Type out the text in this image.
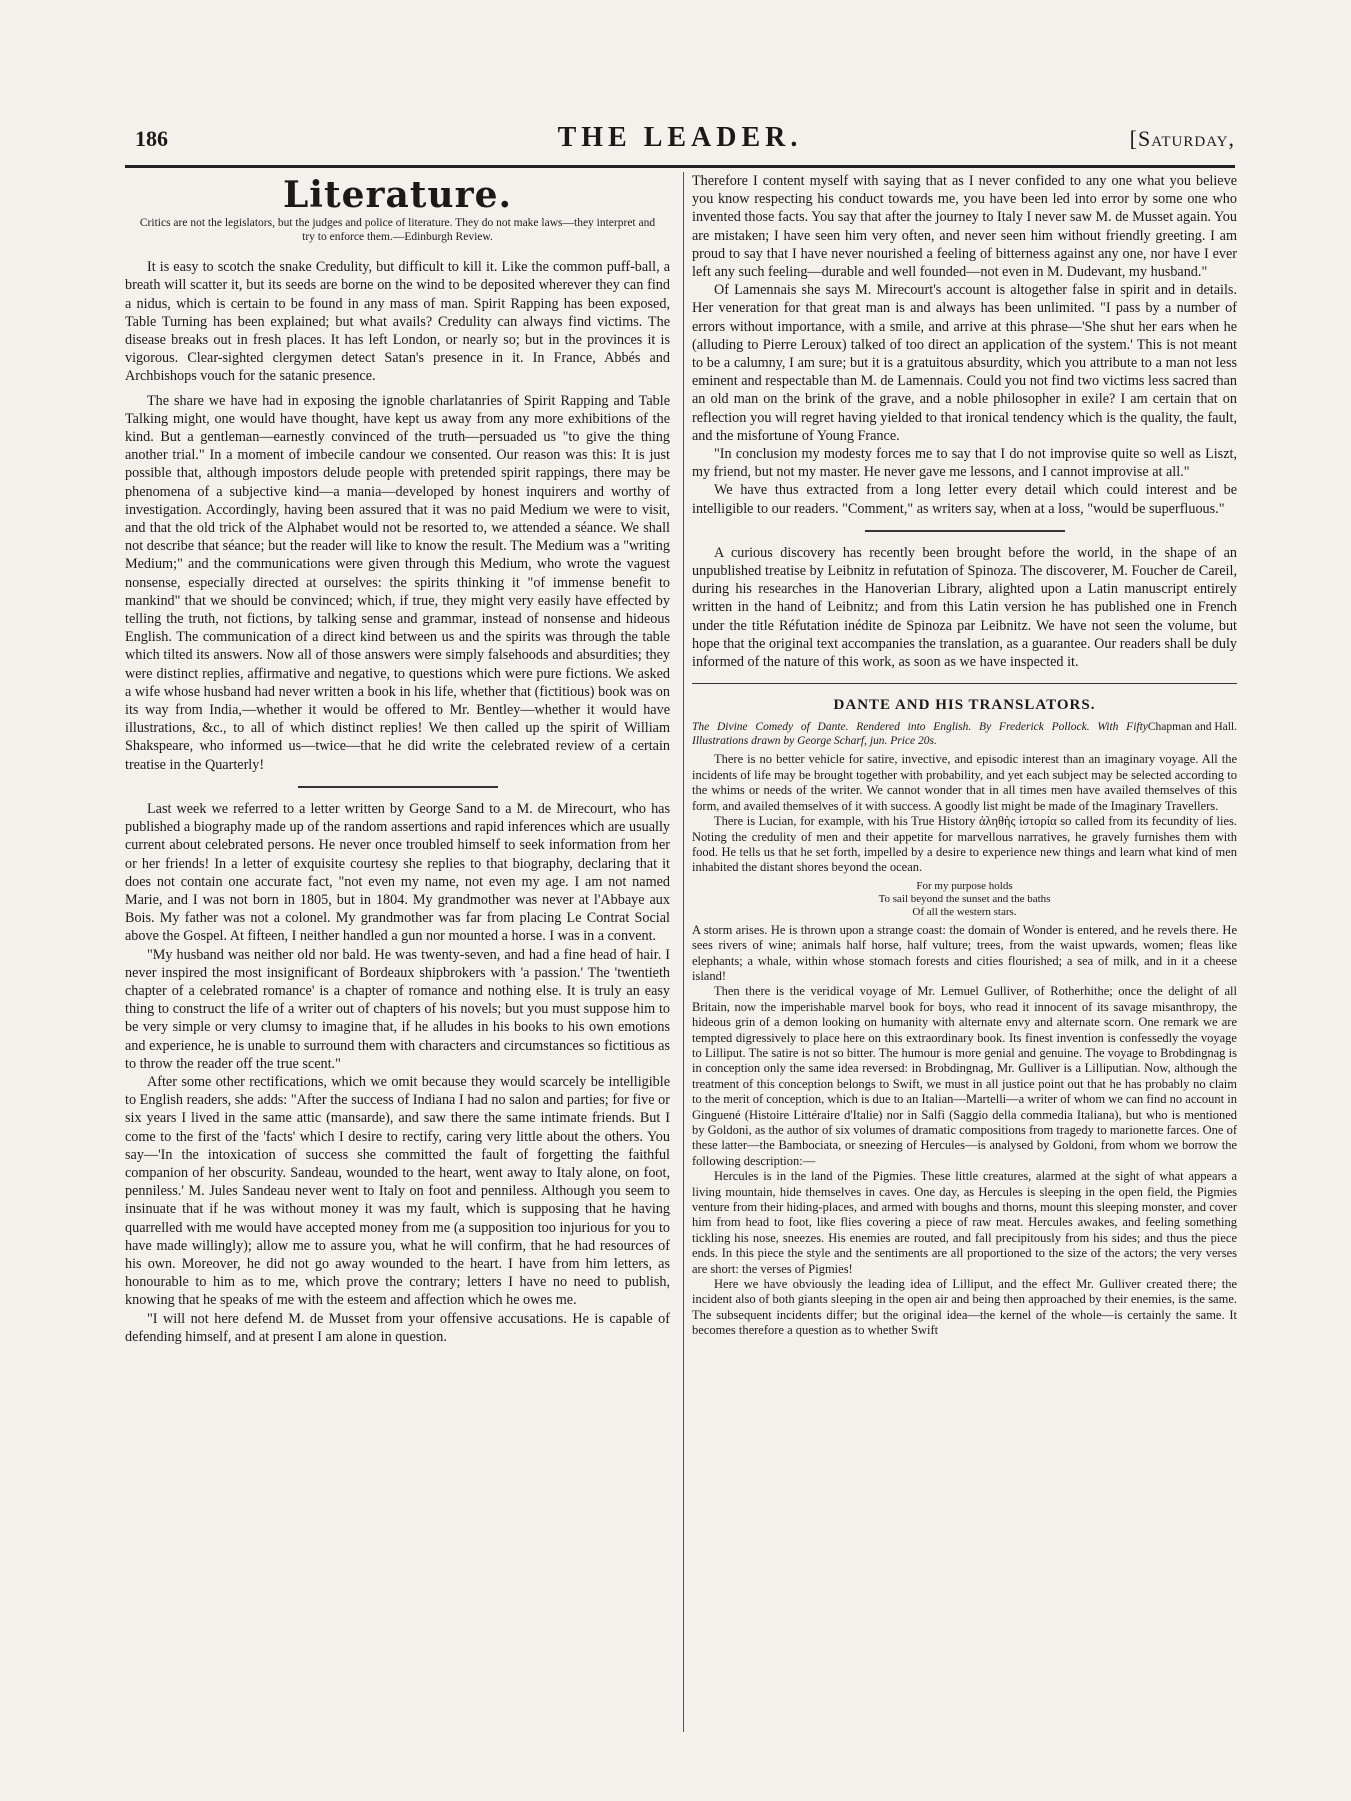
186	THE LEADER.	[Saturday,
Literature.
Critics are not the legislators, but the judges and police of literature. They do not make laws—they interpret and try to enforce them.—Edinburgh Review.

It is easy to scotch the snake Credulity, but difficult to kill it. Like the common puff-ball, a breath will scatter it, but its seeds are borne on the wind to be deposited wherever they can find a nidus, which is certain to be found in any mass of man. Spirit Rapping has been exposed, Table Turning has been explained; but what avails? Credulity can always find victims. The disease breaks out in fresh places. It has left London, or nearly so; but in the provinces it is vigorous. Clear-sighted clergymen detect Satan's presence in it. In France, Abbés and Archbishops vouch for the satanic presence.

The share we have had in exposing the ignoble charlatanries of Spirit Rapping and Table Talking might, one would have thought, have kept us away from any more exhibitions of the kind. But a gentleman—earnestly convinced of the truth—persuaded us "to give the thing another trial." In a moment of imbecile candour we consented. Our reason was this: It is just possible that, although impostors delude people with pretended spirit rappings, there may be phenomena of a subjective kind—a mania—developed by honest inquirers and worthy of investigation. Accordingly, having been assured that it was no paid Medium we were to visit, and that the old trick of the Alphabet would not be resorted to, we attended a séance. We shall not describe that séance; but the reader will like to know the result. The Medium was a "writing Medium;" and the communications were given through this Medium, who wrote the vaguest nonsense, especially directed at ourselves: the spirits thinking it "of immense benefit to mankind" that we should be convinced; which, if true, they might very easily have effected by telling the truth, not fictions, by talking sense and grammar, instead of nonsense and hideous English. The communication of a direct kind between us and the spirits was through the table which tilted its answers. Now all of those answers were simply falsehoods and absurdities; they were distinct replies, affirmative and negative, to questions which were pure fictions. We asked a wife whose husband had never written a book in his life, whether that (fictitious) book was on its way from India,—whether it would be offered to Mr. Bentley—whether it would have illustrations, &c., to all of which distinct replies! We then called up the spirit of William Shakspeare, who informed us—twice—that he did write the celebrated review of a certain treatise in the Quarterly!

Last week we referred to a letter written by George Sand to a M. de Mirecourt, who has published a biography made up of the random assertions and rapid inferences which are usually current about celebrated persons. He never once troubled himself to seek information from her or her friends! In a letter of exquisite courtesy she replies to that biography, declaring that it does not contain one accurate fact, "not even my name, not even my age. I am not named Marie, and I was not born in 1805, but in 1804. My grandmother was never at l'Abbaye aux Bois. My father was not a colonel. My grandmother was far from placing Le Contrat Social above the Gospel. At fifteen, I neither handled a gun nor mounted a horse. I was in a convent.

"My husband was neither old nor bald. He was twenty-seven, and had a fine head of hair. I never inspired the most insignificant of Bordeaux shipbrokers with 'a passion.' The 'twentieth chapter of a celebrated romance' is a chapter of romance and nothing else. It is truly an easy thing to construct the life of a writer out of chapters of his novels; but you must suppose him to be very simple or very clumsy to imagine that, if he alludes in his books to his own emotions and experience, he is unable to surround them with characters and circumstances so fictitious as to throw the reader off the true scent."

After some other rectifications, which we omit because they would scarcely be intelligible to English readers, she adds: "After the success of Indiana I had no salon and parties; for five or six years I lived in the same attic (mansarde), and saw there the same intimate friends. But I come to the first of the 'facts' which I desire to rectify, caring very little about the others. You say—'In the intoxication of success she committed the fault of forgetting the faithful companion of her obscurity. Sandeau, wounded to the heart, went away to Italy alone, on foot, penniless.' M. Jules Sandeau never went to Italy on foot and penniless. Although you seem to insinuate that if he was without money it was my fault, which is supposing that he having quarrelled with me would have accepted money from me (a supposition too injurious for you to have made willingly); allow me to assure you, what he will confirm, that he had resources of his own. Moreover, he did not go away wounded to the heart. I have from him letters, as honourable to him as to me, which prove the contrary; letters I have no need to publish, knowing that he speaks of me with the esteem and affection which he owes me.

"I will not here defend M. de Musset from your offensive accusations. He is capable of defending himself, and at present I am alone in question.

Therefore I content myself with saying that as I never confided to any one what you believe you know respecting his conduct towards me, you have been led into error by some one who invented those facts. You say that after the journey to Italy I never saw M. de Musset again. You are mistaken; I have seen him very often, and never seen him without friendly greeting. I am proud to say that I have never nourished a feeling of bitterness against any one, nor have I ever left any such feeling—durable and well founded—not even in M. Dudevant, my husband."

Of Lamennais she says M. Mirecourt's account is altogether false in spirit and in details. Her veneration for that great man is and always has been unlimited. "I pass by a number of errors without importance, with a smile, and arrive at this phrase—'She shut her ears when he (alluding to Pierre Leroux) talked of too direct an application of the system.' This is not meant to be a calumny, I am sure; but it is a gratuitous absurdity, which you attribute to a man not less eminent and respectable than M. de Lamennais. Could you not find two victims less sacred than an old man on the brink of the grave, and a noble philosopher in exile? I am certain that on reflection you will regret having yielded to that ironical tendency which is the quality, the fault, and the misfortune of Young France.

"In conclusion my modesty forces me to say that I do not improvise quite so well as Liszt, my friend, but not my master. He never gave me lessons, and I cannot improvise at all."

We have thus extracted from a long letter every detail which could interest and be intelligible to our readers. "Comment," as writers say, when at a loss, "would be superfluous."

A curious discovery has recently been brought before the world, in the shape of an unpublished treatise by Leibnitz in refutation of Spinoza. The discoverer, M. Foucher de Careil, during his researches in the Hanoverian Library, alighted upon a Latin manuscript entirely written in the hand of Leibnitz; and from this Latin version he has published one in French under the title Réfutation inédite de Spinoza par Leibnitz. We have not seen the volume, but hope that the original text accompanies the translation, as a guarantee. Our readers shall be duly informed of the nature of this work, as soon as we have inspected it.

DANTE AND HIS TRANSLATORS.
Chapman and Hall.
The Divine Comedy of Dante. Rendered into English. By Frederick Pollock. With Fifty Illustrations drawn by George Scharf, jun. Price 20s.

There is no better vehicle for satire, invective, and episodic interest than an imaginary voyage. All the incidents of life may be brought together with probability, and yet each subject may be selected according to the whims or needs of the writer. We cannot wonder that in all times men have availed themselves of this form, and availed themselves of it with success. A goodly list might be made of the Imaginary Travellers.

There is Lucian, for example, with his True History ἀληθὴς ἱστορία so called from its fecundity of lies. Noting the credulity of men and their appetite for marvellous narratives, he gravely furnishes them with food. He tells us that he set forth, impelled by a desire to experience new things and learn what kind of men inhabited the distant shores beyond the ocean.

For my purpose holds
To sail beyond the sunset and the baths
Of all the western stars.

A storm arises. He is thrown upon a strange coast: the domain of Wonder is entered, and he revels there. He sees rivers of wine; animals half horse, half vulture; trees, from the waist upwards, women; fleas like elephants; a whale, within whose stomach forests and cities flourished; a sea of milk, and in it a cheese island!

Then there is the veridical voyage of Mr. Lemuel Gulliver, of Rotherhithe; once the delight of all Britain, now the imperishable marvel book for boys, who read it innocent of its savage misanthropy, the hideous grin of a demon looking on humanity with alternate envy and alternate scorn. One remark we are tempted digressively to place here on this extraordinary book. Its finest invention is confessedly the voyage to Lilliput. The satire is not so bitter. The humour is more genial and genuine. The voyage to Brobdingnag is in conception only the same idea reversed: in Brobdingnag, Mr. Gulliver is a Lilliputian. Now, although the treatment of this conception belongs to Swift, we must in all justice point out that he has probably no claim to the merit of conception, which is due to an Italian—Martelli—a writer of whom we can find no account in Ginguené (Histoire Littéraire d'Italie) nor in Salfi (Saggio della commedia Italiana), but who is mentioned by Goldoni, as the author of six volumes of dramatic compositions from tragedy to marionette farces. One of these latter—the Bambociata, or sneezing of Hercules—is analysed by Goldoni, from whom we borrow the following description:—

Hercules is in the land of the Pigmies. These little creatures, alarmed at the sight of what appears a living mountain, hide themselves in caves. One day, as Hercules is sleeping in the open field, the Pigmies venture from their hiding-places, and armed with boughs and thorns, mount this sleeping monster, and cover him from head to foot, like flies covering a piece of raw meat. Hercules awakes, and feeling something tickling his nose, sneezes. His enemies are routed, and fall precipitously from his sides; and thus the piece ends. In this piece the style and the sentiments are all proportioned to the size of the actors; the very verses are short: the verses of Pigmies!

Here we have obviously the leading idea of Lilliput, and the effect Mr. Gulliver created there; the incident also of both giants sleeping in the open air and being then approached by their enemies, is the same. The subsequent incidents differ; but the original idea—the kernel of the whole—is certainly the same. It becomes therefore a question as to whether Swift
